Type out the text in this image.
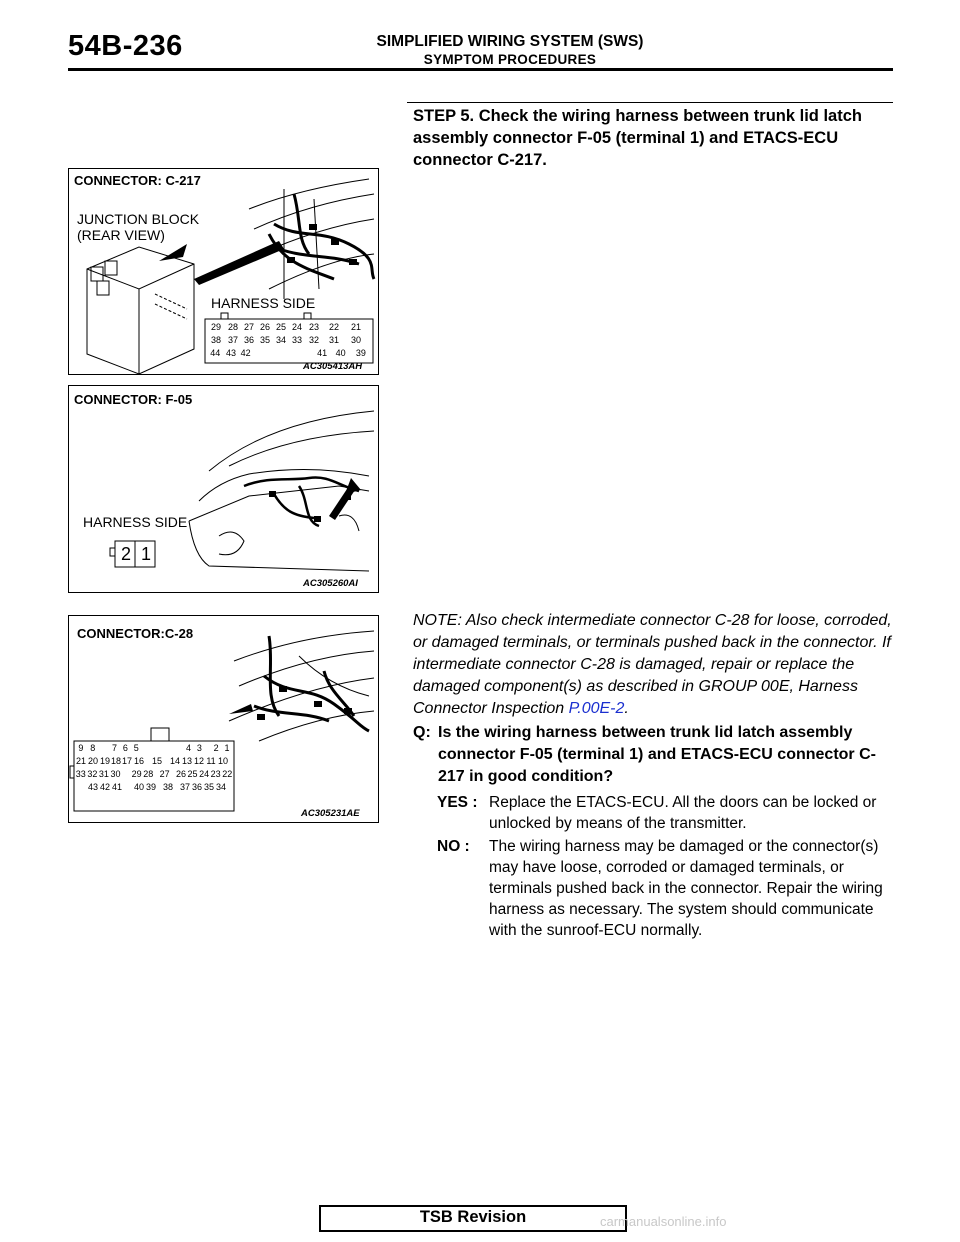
54B-236	SIMPLIFIED WIRING SYSTEM (SWS)
SYMPTOM PROCEDURES
STEP 5. Check the wiring harness between trunk lid latch assembly connector F-05 (terminal 1) and ETACS-ECU connector C-217.
CONNECTOR: C-217
JUNCTION BLOCK
(REAR VIEW)
HARNESS SIDE
AC305413AH
29 28 27 26 25 24 23	22	21
38 37 36 35 34 33 32	31	30
44 43 42	41 40	39
CONNECTOR: F-05
HARNESS SIDE
AC305260AI
2 1
CONNECTOR:C-28
AC305231AE
9 8	7 6 5	4 3	2 1
21 20 19 18 17 16 15 14 13 12 11 10
33 32 31 30 29 28 27 26 25 24 23 22
43 42 41 40 39 38 37 36 35 34
NOTE: Also check intermediate connector C-28 for loose, corroded, or damaged terminals, or terminals pushed back in the connector. If intermediate connector C-28 is damaged, repair or replace the damaged component(s) as described in GROUP 00E, Harness Connector Inspection P.00E-2.
Q: Is the wiring harness between trunk lid latch assembly connector F-05 (terminal 1) and ETACS-ECU connector C-217 in good condition?
YES : Replace the ETACS-ECU. All the doors can be locked or unlocked by means of the transmitter.
NO :	The wiring harness may be damaged or the connector(s) may have loose, corroded or damaged terminals, or terminals pushed back in the connector. Repair the wiring harness as necessary. The system should communicate with the sunroof-ECU normally.
TSB Revision	carmanualsonline.info
